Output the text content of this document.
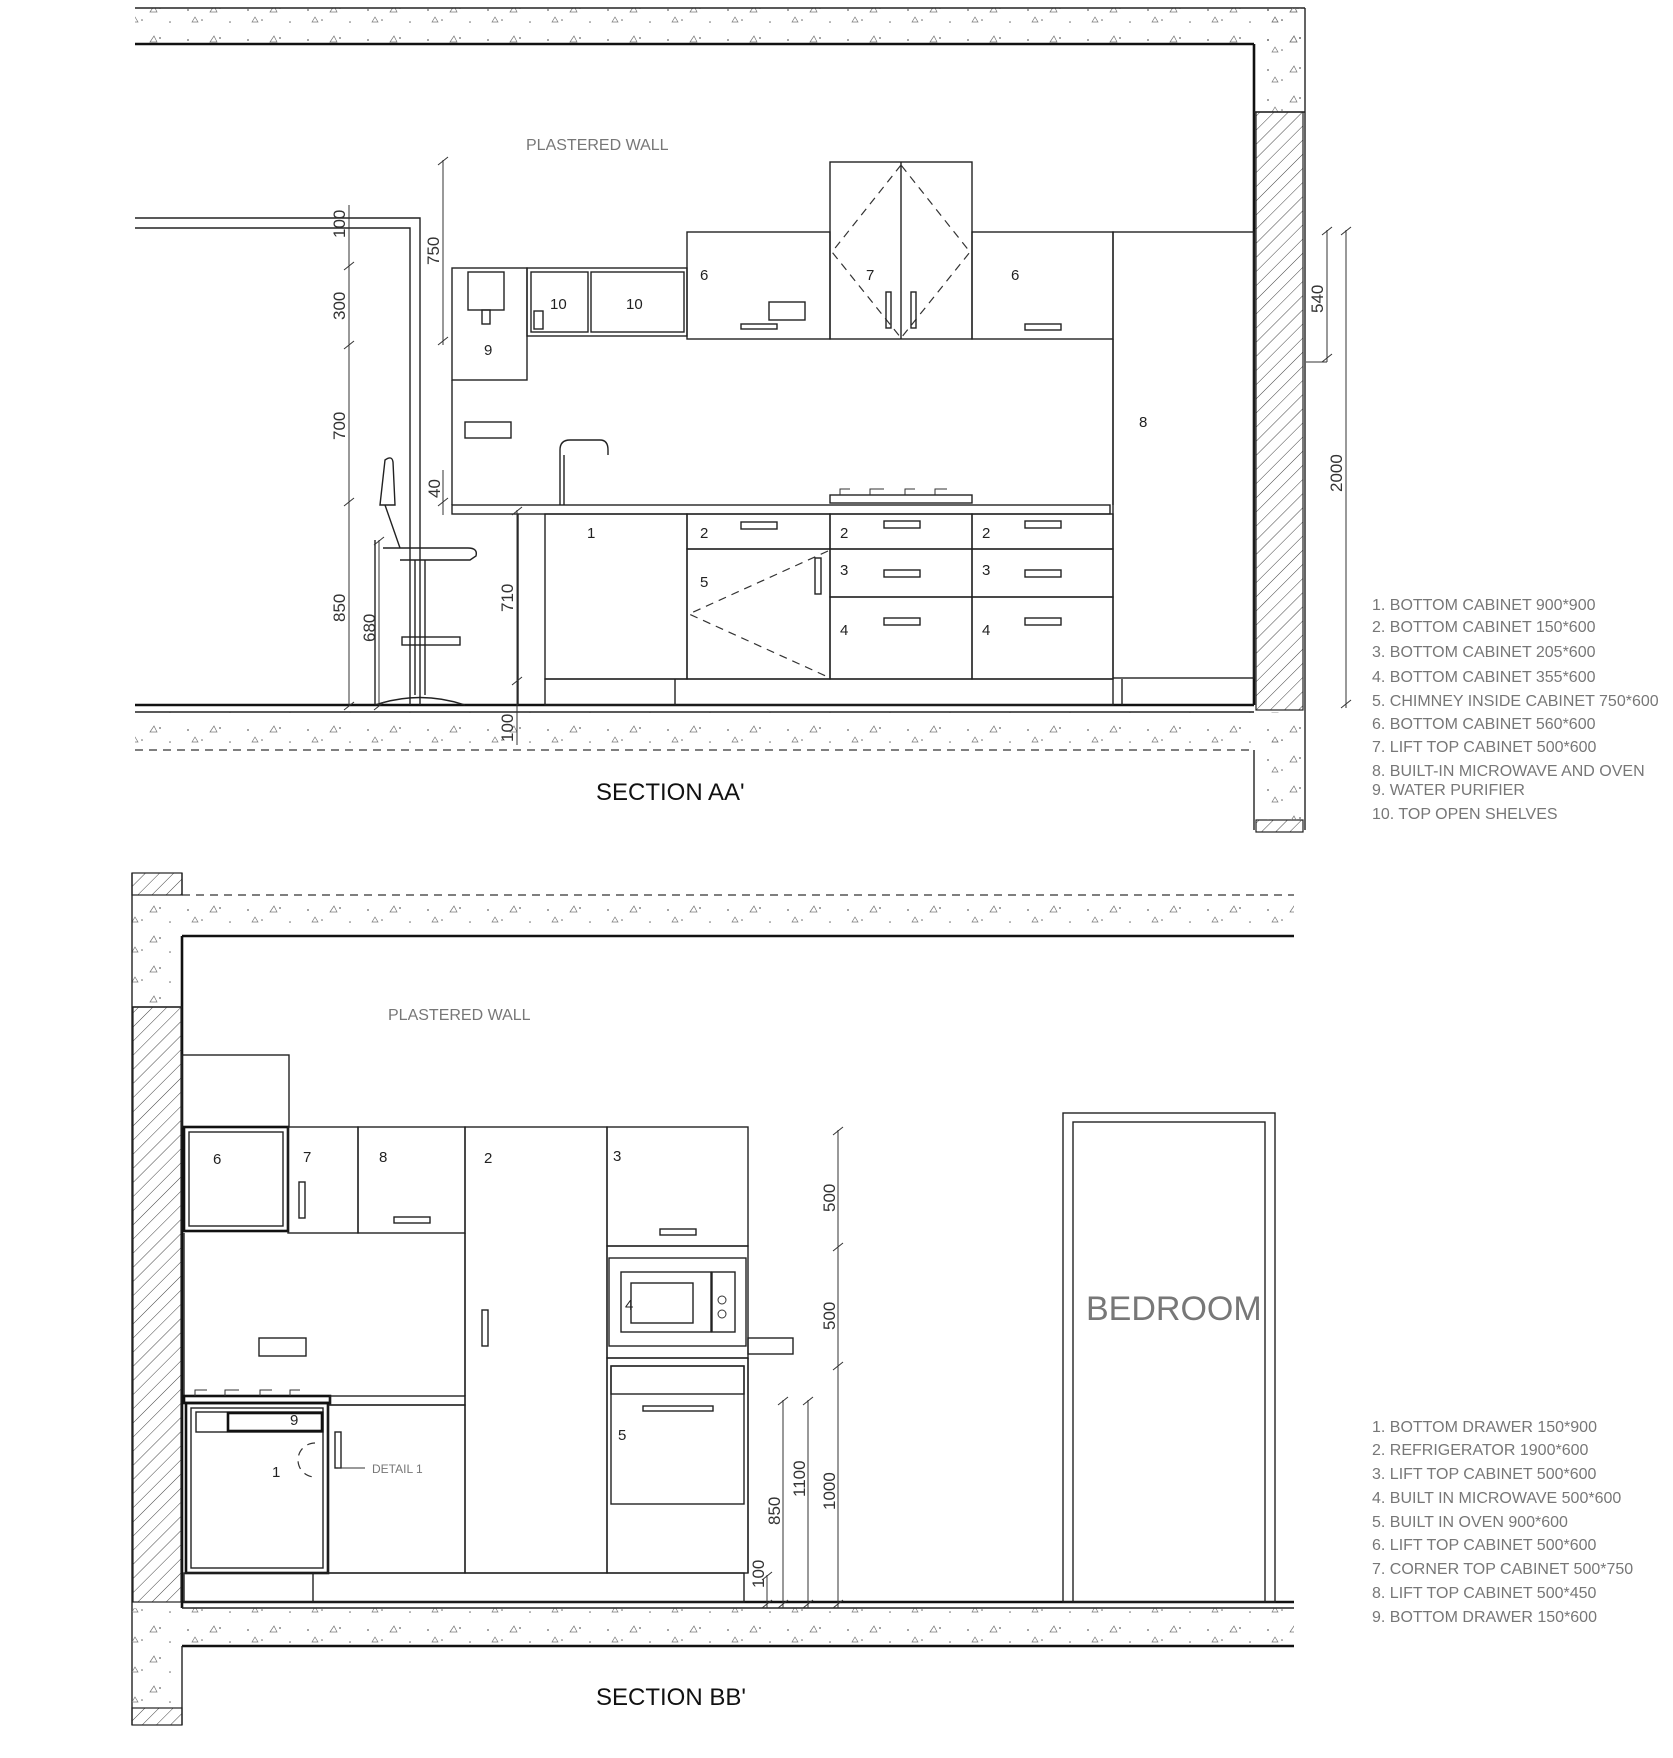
PLASTERED WALL
SECTION AA'
1	2	2	2
3	3
4	4
5
6	6
7
8
9
10	10
100
300
700
850
680
40
710
100
750
540
2000
1. BOTTOM CABINET 900*900
2. BOTTOM CABINET 150*600
3. BOTTOM CABINET 205*600
4. BOTTOM CABINET 355*600
5. CHIMNEY INSIDE CABINET 750*600
6. BOTTOM CABINET 560*600
7. LIFT TOP CABINET 500*600
8. BUILT-IN MICROWAVE AND OVEN
9. WATER PURIFIER
10. TOP OPEN SHELVES
PLASTERED WALL
SECTION BB'
BEDROOM
DETAIL 1
1
2	3
4
5
6	7	8
9
500
500
1000
1100
850
100
1. BOTTOM DRAWER 150*900
2. REFRIGERATOR 1900*600
3. LIFT TOP CABINET 500*600
4. BUILT IN MICROWAVE 500*600
5. BUILT IN OVEN 900*600
6. LIFT TOP CABINET 500*600
7. CORNER TOP CABINET 500*750
8. LIFT TOP CABINET 500*450
9. BOTTOM DRAWER 150*600
